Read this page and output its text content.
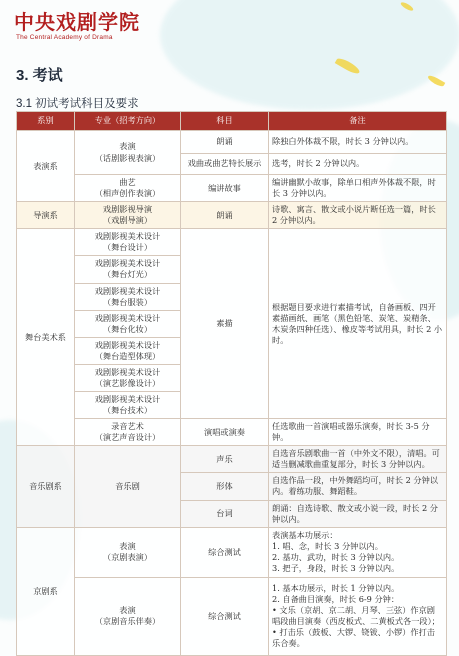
中央戏剧学院
The Central Academy of Drama
3. 考试
3.1 初试考试科目及要求
系别	专业（招考方向）	科目	备注
表演系	表演
（话剧影视表演）	朗诵	除独白外体裁不限，时长 3 分钟以内。
		戏曲或曲艺特长展示	选考，时长 2 分钟以内。
	曲艺
（相声创作表演）	编讲故事	编讲幽默小故事，除单口相声外体裁不限，时长 3 分钟以内。
导演系	戏剧影视导演
（戏剧导演）	朗诵	诗歌、寓言、散文或小说片断任选一篇，时长 2 分钟以内。
舞台美术系	戏剧影视美术设计
（舞台设计）	素描	根据题目要求进行素描考试，自备画板、四开素描画纸、画笔（黑色铅笔、炭笔、炭精条、木炭条四种任选）、橡皮等考试用具，时长 2 小时。
	戏剧影视美术设计
（舞台灯光）		
	戏剧影视美术设计
（舞台服装）		
	戏剧影视美术设计
（舞台化妆）		
	戏剧影视美术设计
（舞台造型体现）		
	戏剧影视美术设计
（演艺影像设计）		
	戏剧影视美术设计
（舞台技术）		
	录音艺术
（演艺声音设计）	演唱或演奏	任选歌曲一首演唱或器乐演奏，时长 3-5 分钟。
音乐剧系	音乐剧	声乐	自选音乐剧歌曲一首（中外文不限），清唱。可适当删减歌曲重复部分，时长 3 分钟以内。
		形体	自选作品一段，中外舞蹈均可，时长 2 分钟以内。着练功服、舞蹈鞋。
		台词	朗诵：自选诗歌、散文或小说一段，时长 2 分钟以内。
京剧系	表演
（京剧表演）	综合测试	表演基本功展示：
1. 唱、念，时长 3 分钟以内。
2. 基功、武功，时长 3 分钟以内。
3. 把子，身段，时长 3 分钟以内。
	表演
（京剧音乐伴奏）	综合测试	1. 基本功展示，时长 1 分钟以内。
2. 自备曲目演奏，时长 6-9 分钟：
• 文乐（京胡、京二胡、月琴、三弦）作京剧唱段曲目演奏（西皮板式、二黄板式各一段）；
• 打击乐（鼓板、大锣、铙钹、小锣）作打击乐合奏。
